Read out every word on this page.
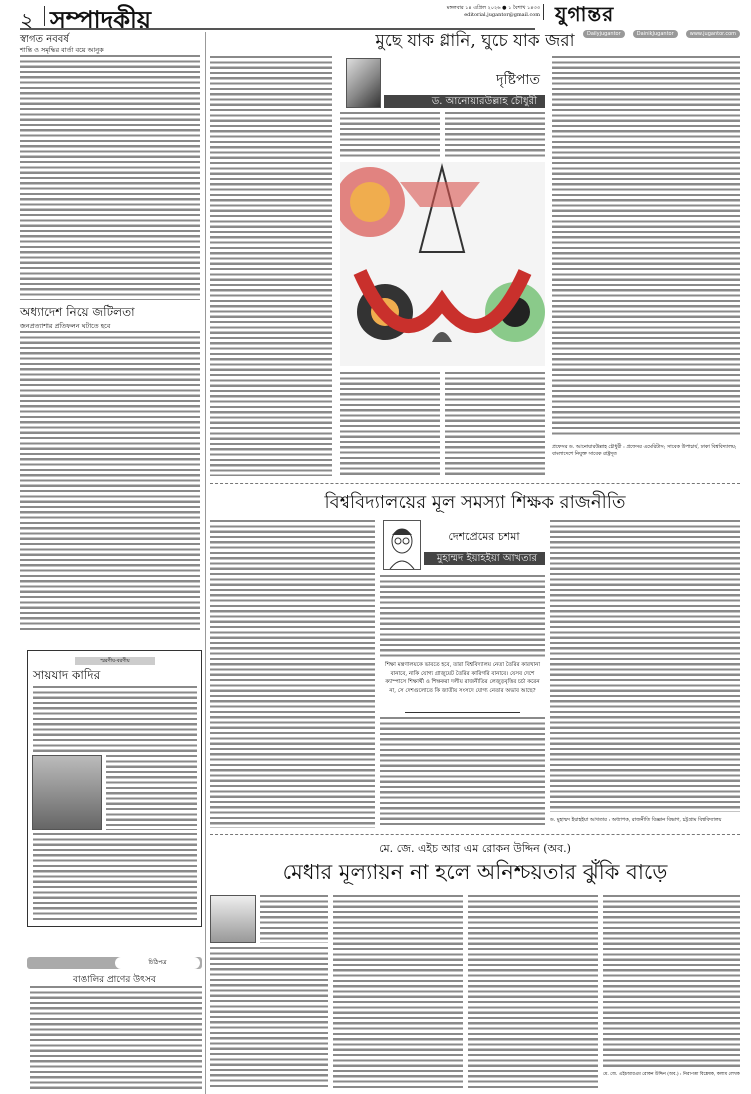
২ সম্পাদকীয়	মঙ্গলবার ১৪ এপ্রিল ২০২৬ ● ১ বৈশাখ ১৪৩৩
editorial.jugantor@gmail.com
Dailyjugantor	DainikJugantor	www.jugantor.com
যুগান্তর
স্বাগত নববর্ষ
শান্তি ও সমৃদ্ধির বার্তা বয়ে আনুক
অধ্যাদেশ নিয়ে জটিলতা
জনপ্রত্যাশার প্রতিফলন ঘটাতে হবে
স্মরণীয়-বরণীয়
সায়যাদ কাদির
চিঠিপত্র
বাঙালির প্রাণের উৎসব
মুছে যাক গ্লানি, ঘুচে যাক জরা
দৃষ্টিপাত
ড. আনোয়ারউল্লাহ চৌধুরী
প্রফেসর ড. আনোয়ারউল্লাহ চৌধুরী : প্রফেসর এমেরিটাস; সাবেক উপাচার্য, ঢাকা বিশ্ববিদ্যালয়; বাংলাদেশে নিযুক্ত সাবেক রাষ্ট্রদূত
বিশ্ববিদ্যালয়ের মূল সমস্যা শিক্ষক রাজনীতি
দেশপ্রেমের চশমা
মুহাম্মদ ইয়াহইয়া আখতার
শিক্ষা মন্ত্রণালয়কে ভাবতে হবে, তারা বিশ্ববিদ্যালয় নেতা তৈরির কারখানা বানাবে, নাকি যোগ্য গ্রাজুয়েট তৈরির কারিগরি বানাবে। যেসব দেশে ক্যাম্পাসে শিক্ষার্থী ও শিক্ষকরা দলীয় রাজনীতির লেজুড়বৃত্তির চর্চা করেন না, সে দেশগুলোতে কি জাতীয় সংসদে যোগ্য নেতার অভাব আছে?
ড. মুহাম্মদ ইয়াহইয়া আখতার : অধ্যাপক, রাজনীতি বিজ্ঞান বিভাগ, চট্টগ্রাম বিশ্ববিদ্যালয়
মে. জে. এইচ আর এম রোকন উদ্দিন (অব.)
মেধার মূল্যায়ন না হলে অনিশ্চয়তার ঝুঁকি বাড়ে
মে. জে. এইচআরএম রোকন উদ্দিন (অব.) : নিরাপত্তা বিশ্লেষক, কলাম লেখক
